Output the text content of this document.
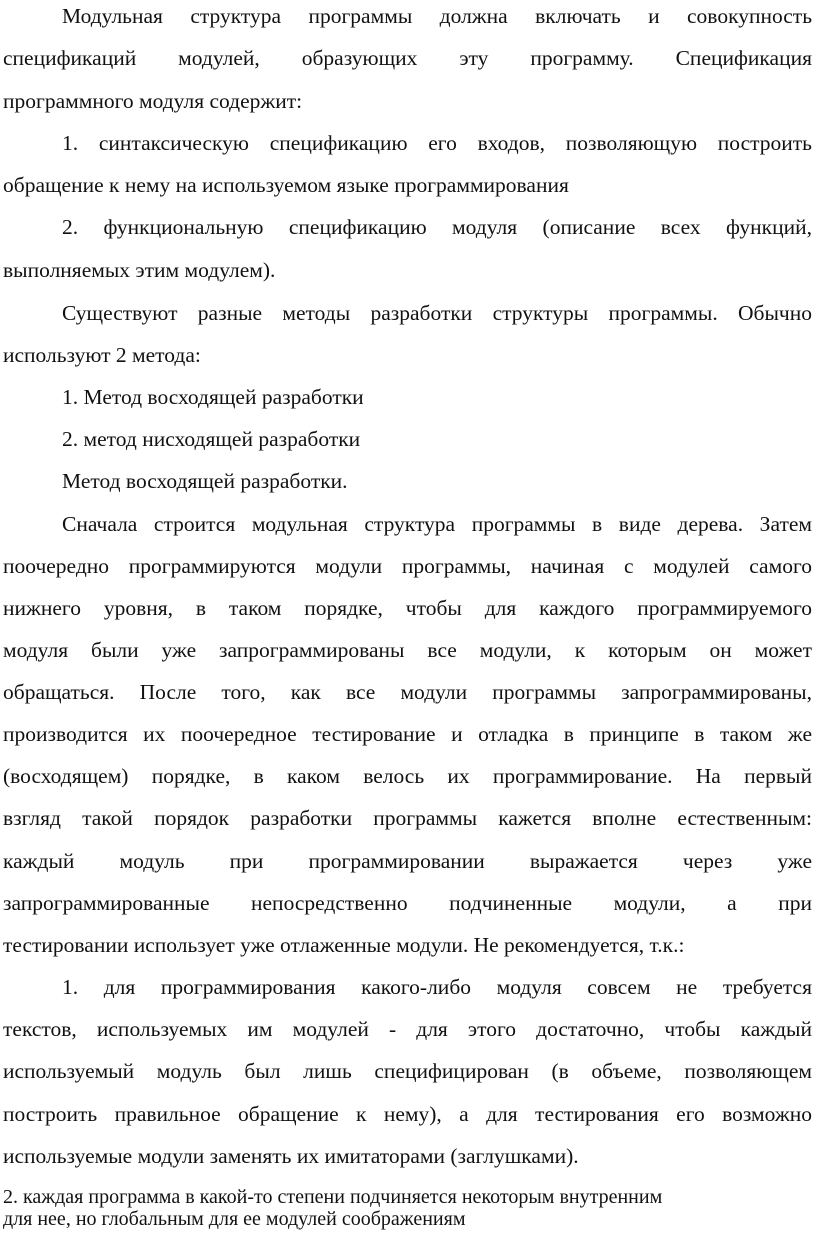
Модульная структура программы должна включать и совокупность
спецификаций модулей, образующих эту программу. Спецификация
программного модуля содержит:
1. синтаксическую спецификацию его входов, позволяющую построить
обращение к нему на используемом языке программирования
2. функциональную спецификацию модуля (описание всех функций,
выполняемых этим модулем).
Существуют разные методы разработки структуры программы. Обычно
используют 2 метода:
1. Метод восходящей разработки
2. метод нисходящей разработки
Метод восходящей разработки.
Сначала строится модульная структура программы в виде дерева. Затем
поочередно программируются модули программы, начиная с модулей самого
нижнего уровня, в таком порядке, чтобы для каждого программируемого
модуля были уже запрограммированы все модули, к которым он может
обращаться. После того, как все модули программы запрограммированы,
производится их поочередное тестирование и отладка в принципе в таком же
(восходящем) порядке, в каком велось их программирование. На первый
взгляд такой порядок разработки программы кажется вполне естественным:
каждый модуль при программировании выражается через уже
запрограммированные непосредственно подчиненные модули, а при
тестировании использует уже отлаженные модули. Не рекомендуется, т.к.:
1. для программирования какого-либо модуля совсем не требуется
текстов, используемых им модулей - для этого достаточно, чтобы каждый
используемый модуль был лишь специфицирован (в объеме, позволяющем
построить правильное обращение к нему), а для тестирования его возможно
используемые модули заменять их имитаторами (заглушками).
2. каждая программа в какой-то степени подчиняется некоторым внутренним
для нее, но глобальным для ее модулей соображениям
